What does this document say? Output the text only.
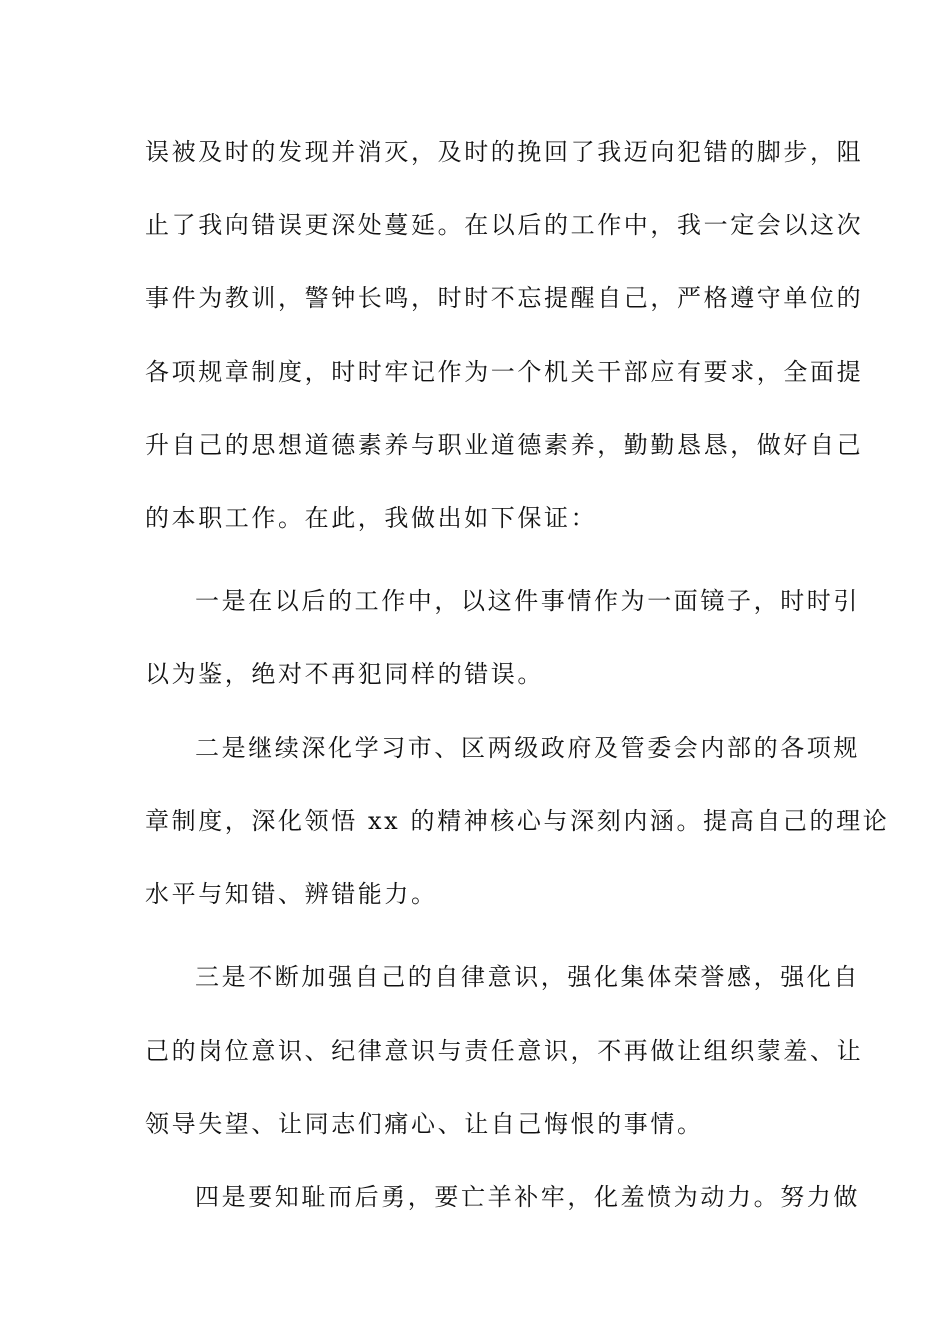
误被及时的发现并消灭，及时的挽回了我迈向犯错的脚步，阻
止了我向错误更深处蔓延。在以后的工作中，我一定会以这次
事件为教训，警钟长鸣，时时不忘提醒自己，严格遵守单位的
各项规章制度，时时牢记作为一个机关干部应有要求，全面提
升自己的思想道德素养与职业道德素养，勤勤恳恳，做好自己
的本职工作。在此，我做出如下保证：
一是在以后的工作中，以这件事情作为一面镜子，时时引
以为鉴，绝对不再犯同样的错误。
二是继续深化学习市、区两级政府及管委会内部的各项规
章制度，深化领悟 xx 的精神核心与深刻内涵。提高自己的理论
水平与知错、辨错能力。
三是不断加强自己的自律意识，强化集体荣誉感，强化自
己的岗位意识、纪律意识与责任意识，不再做让组织蒙羞、让
领导失望、让同志们痛心、让自己悔恨的事情。
四是要知耻而后勇，要亡羊补牢，化羞愤为动力。努力做
